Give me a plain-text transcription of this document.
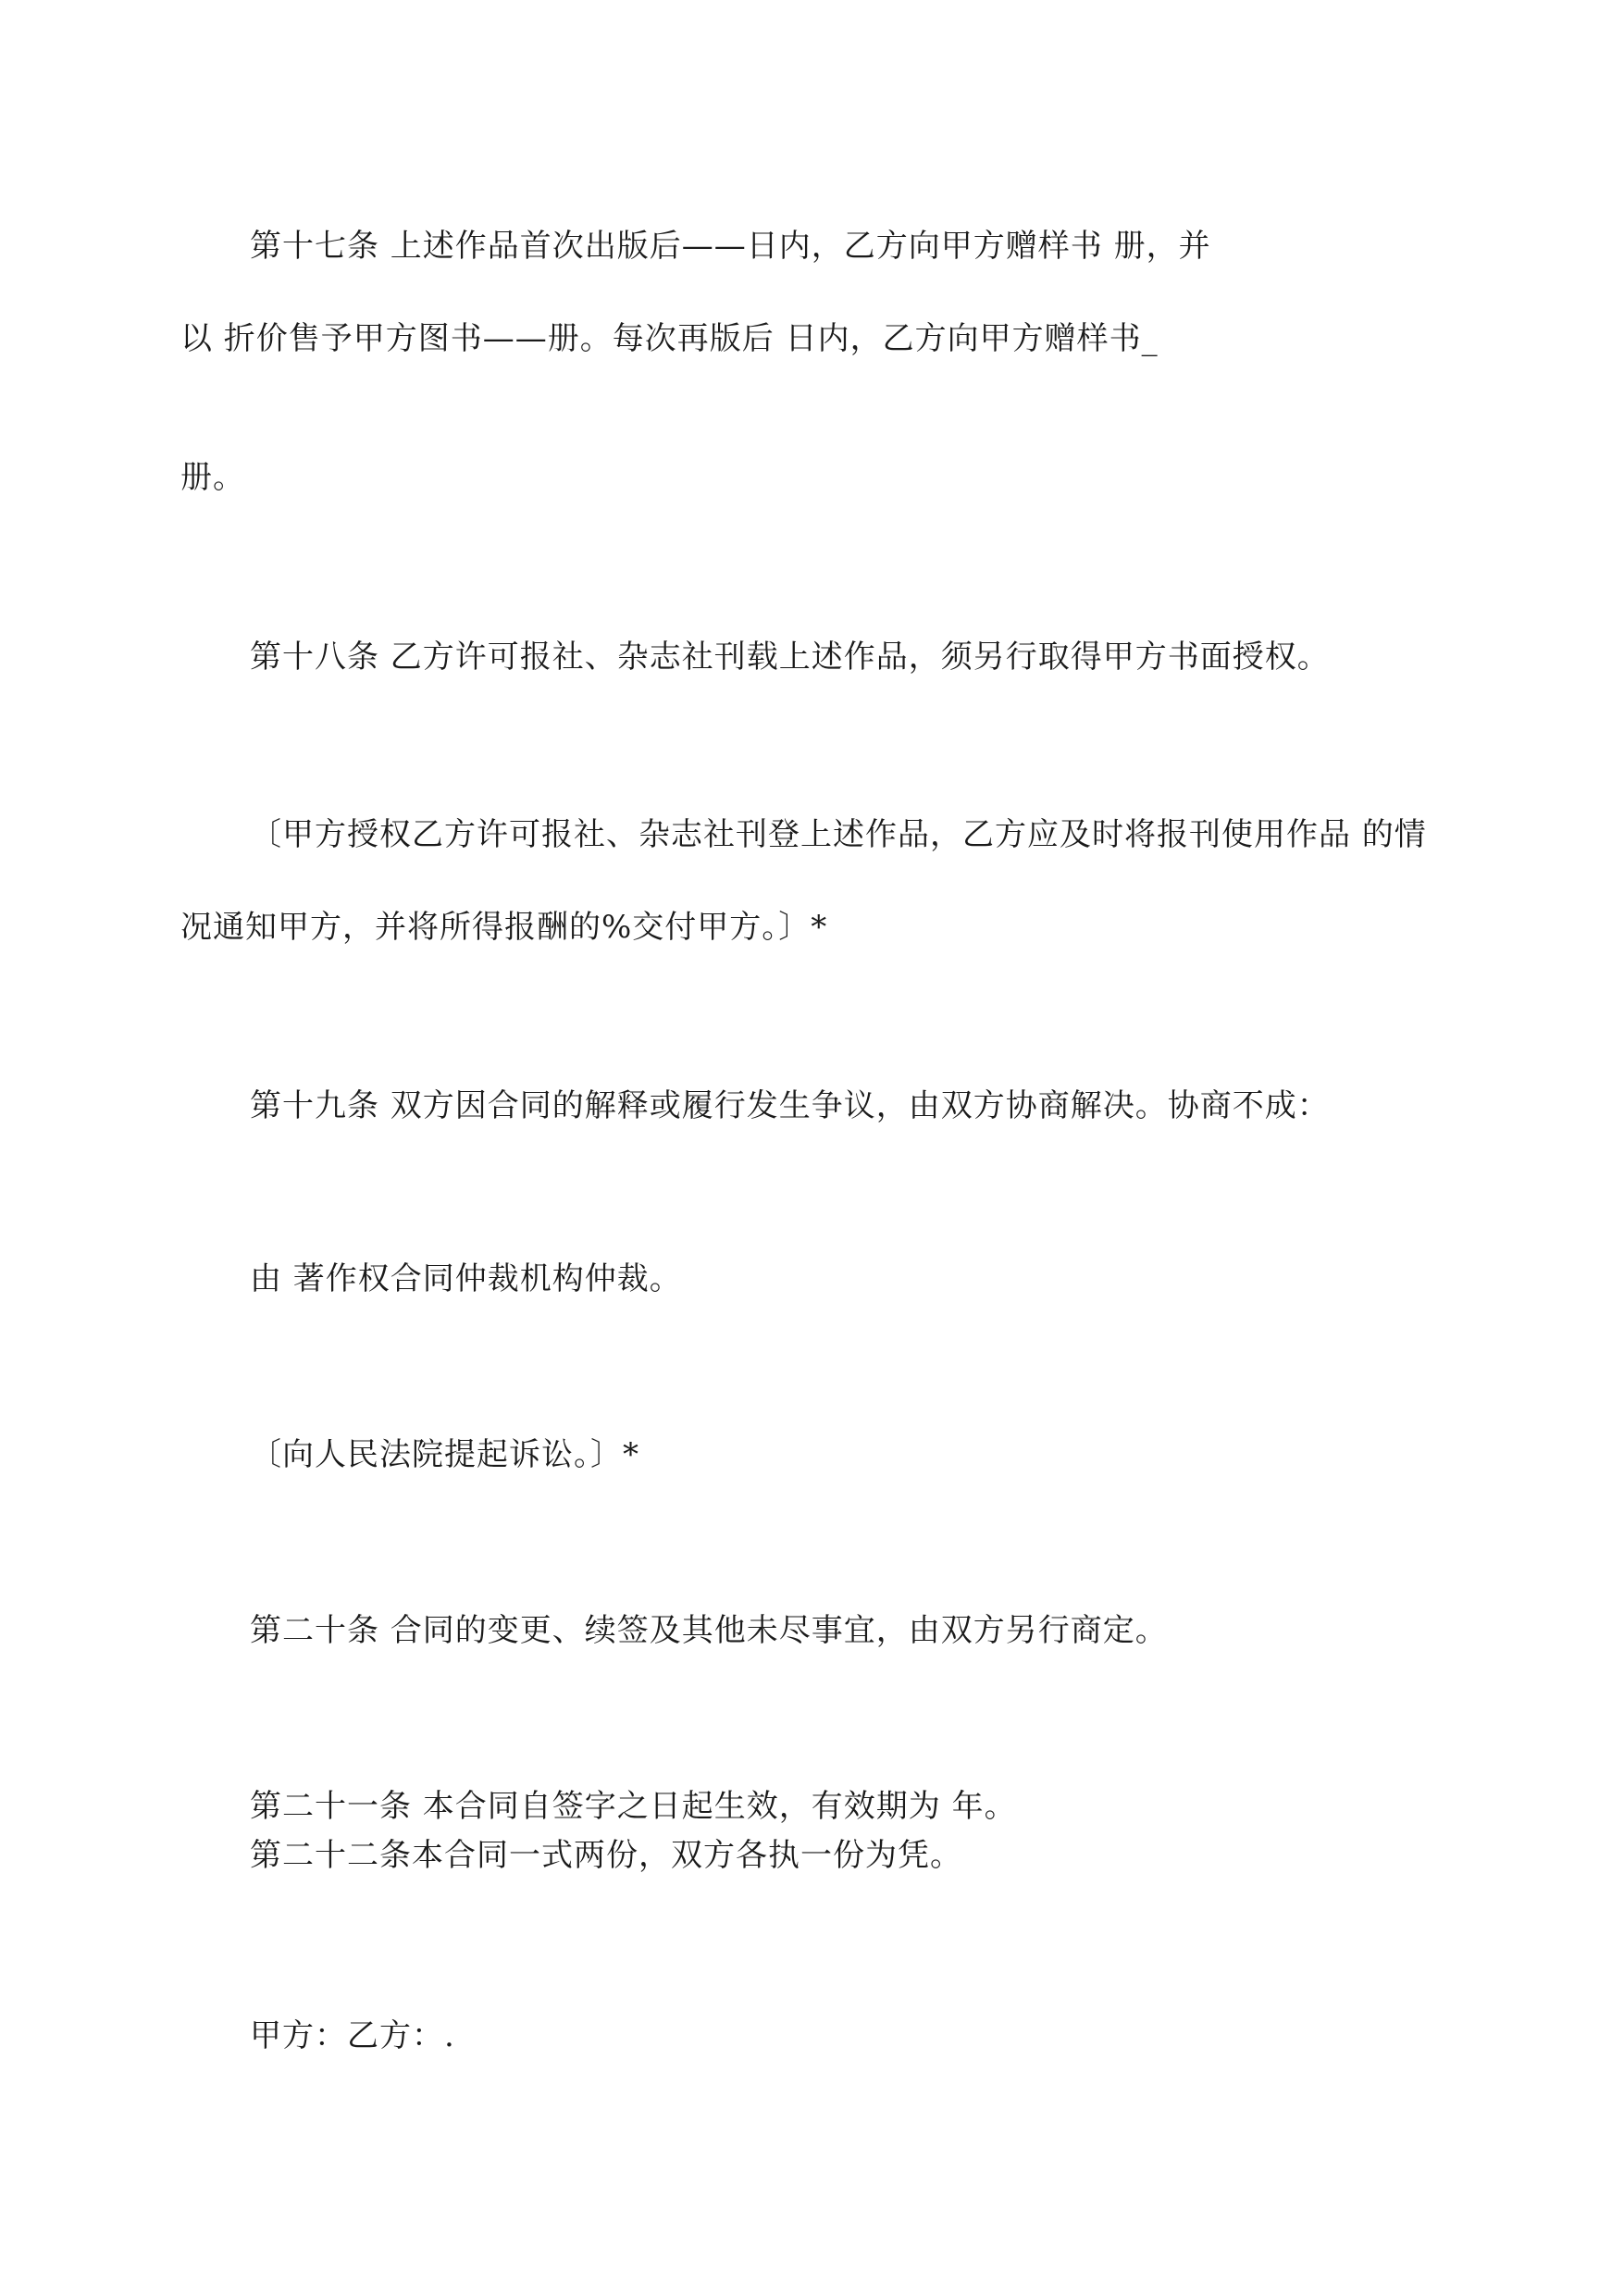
第十七条 上述作品首次出版后——日内，乙方向甲方赠样书 册，并
以 折价售予甲方图书——册。每次再版后 日内，乙方向甲方赠样书_
册。
第十八条 乙方许可报社、杂志社刊载上述作品，须另行取得甲方书面授权。
〔甲方授权乙方许可报社、杂志社刊登上述作品，乙方应及时将报刊使用作品 的情
况通知甲方，并将所得报酬的%交付甲方。〕*
第十九条 双方因合同的解释或履行发生争议，由双方协商解决。协商不成：
由 著作权合同仲裁机构仲裁。
〔向人民法院提起诉讼。〕*
第二十条 合同的变更、续签及其他未尽事宜，由双方另行商定。
第二十一条 本合同自签字之日起生效，有效期为 年。
第二十二条本合同一式两份，双方各执一份为凭。
甲方：乙方：.
